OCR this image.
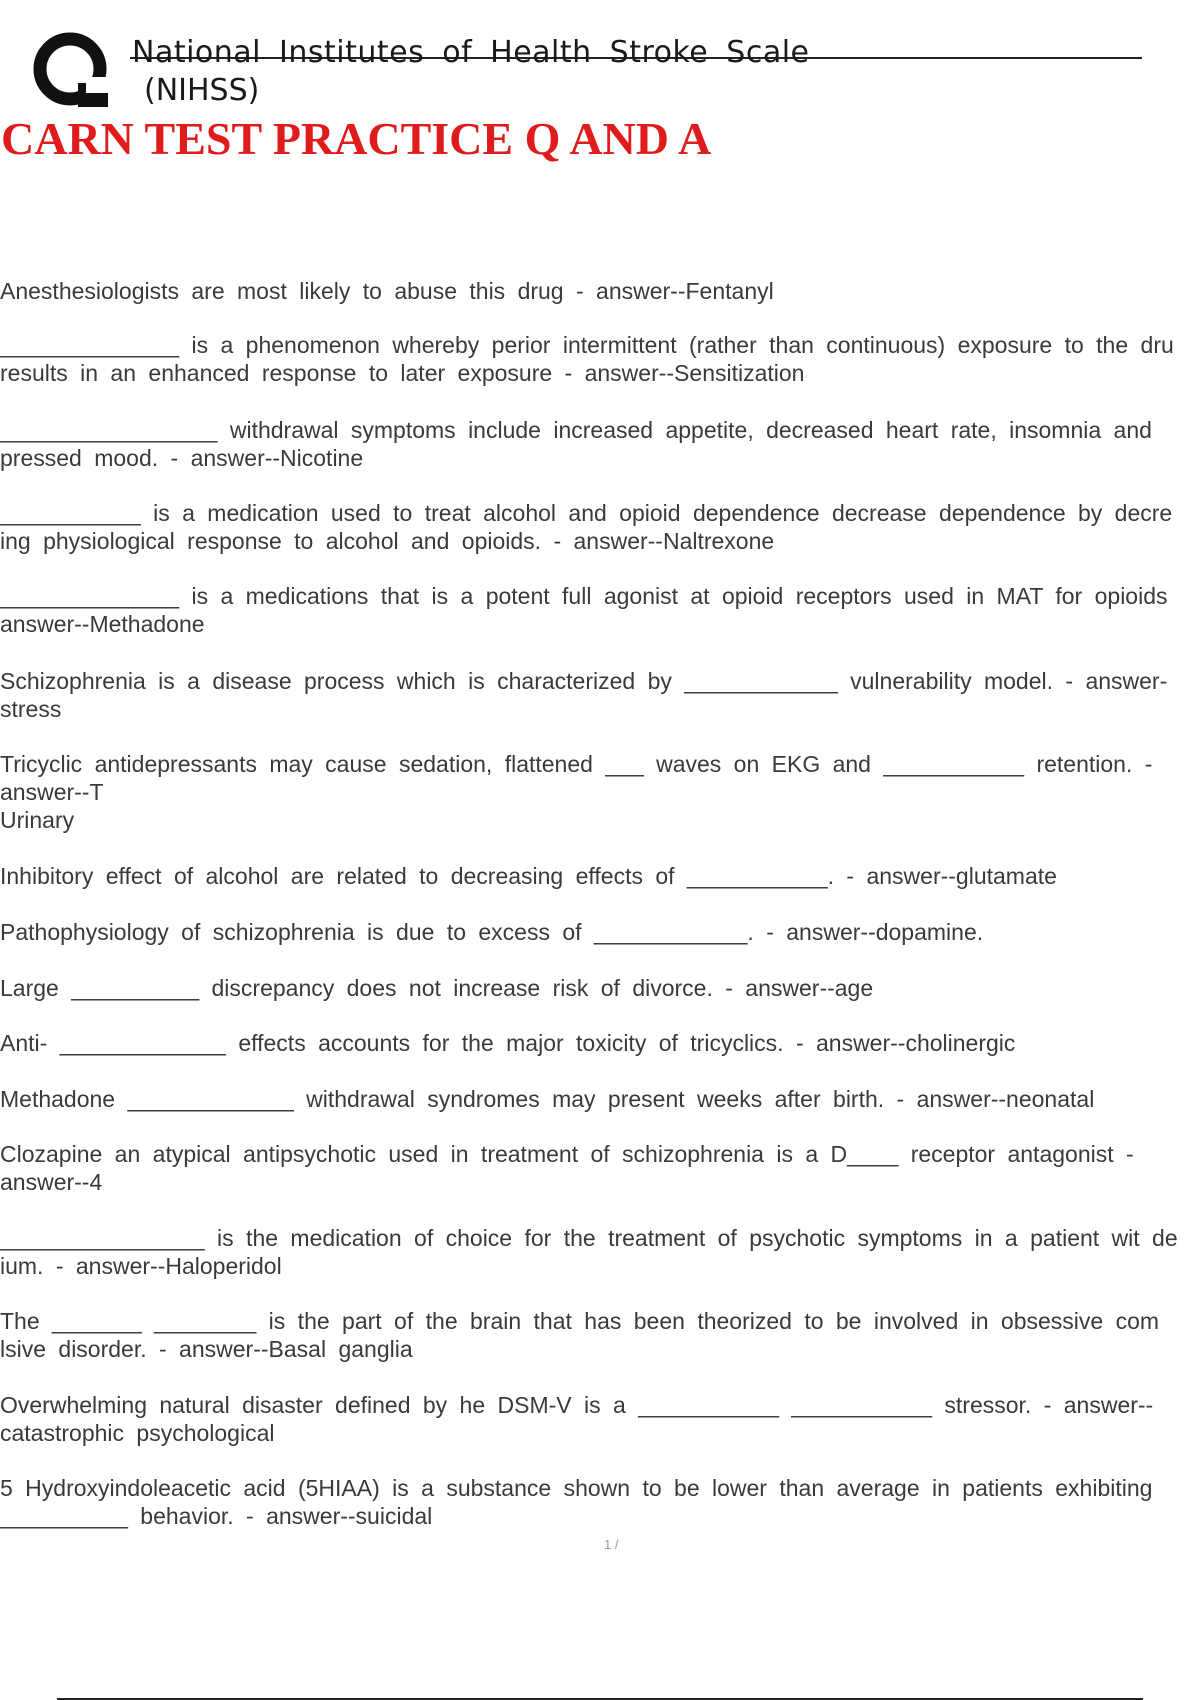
National Institutes of Health Stroke Scale
(NIHSS)
CARN TEST PRACTICE Q AND A
Anesthesiologists are most likely to abuse this drug - answer--Fentanyl
______________ is a phenomenon whereby perior intermittent (rather than continuous) exposure to the dru
results in an enhanced response to later exposure - answer--Sensitization
_________________ withdrawal symptoms include increased appetite, decreased heart rate, insomnia and
pressed mood. - answer--Nicotine
___________ is a medication used to treat alcohol and opioid dependence decrease dependence by decre
ing physiological response to alcohol and opioids. - answer--Naltrexone
______________ is a medications that is a potent full agonist at opioid receptors used in MAT for opioids
answer--Methadone
Schizophrenia is a disease process which is characterized by ____________ vulnerability model. - answer-
stress
Tricyclic antidepressants may cause sedation, flattened ___ waves on EKG and ___________ retention. -
answer--T
Urinary
Inhibitory effect of alcohol are related to decreasing effects of ___________. - answer--glutamate
Pathophysiology of schizophrenia is due to excess of ____________. - answer--dopamine.
Large __________ discrepancy does not increase risk of divorce. - answer--age
Anti- _____________ effects accounts for the major toxicity of tricyclics. - answer--cholinergic
Methadone _____________ withdrawal syndromes may present weeks after birth. - answer--neonatal
Clozapine an atypical antipsychotic used in treatment of schizophrenia is a D____ receptor antagonist -
answer--4
________________ is the medication of choice for the treatment of psychotic symptoms in a patient wit de
ium. - answer--Haloperidol
The _______ ________ is the part of the brain that has been theorized to be involved in obsessive com
lsive disorder. - answer--Basal ganglia
Overwhelming natural disaster defined by he DSM-V is a ___________ ___________ stressor. - answer--
catastrophic psychological
5 Hydroxyindoleacetic acid (5HIAA) is a substance shown to be lower than average in patients exhibiting
__________ behavior. - answer--suicidal
1 /
